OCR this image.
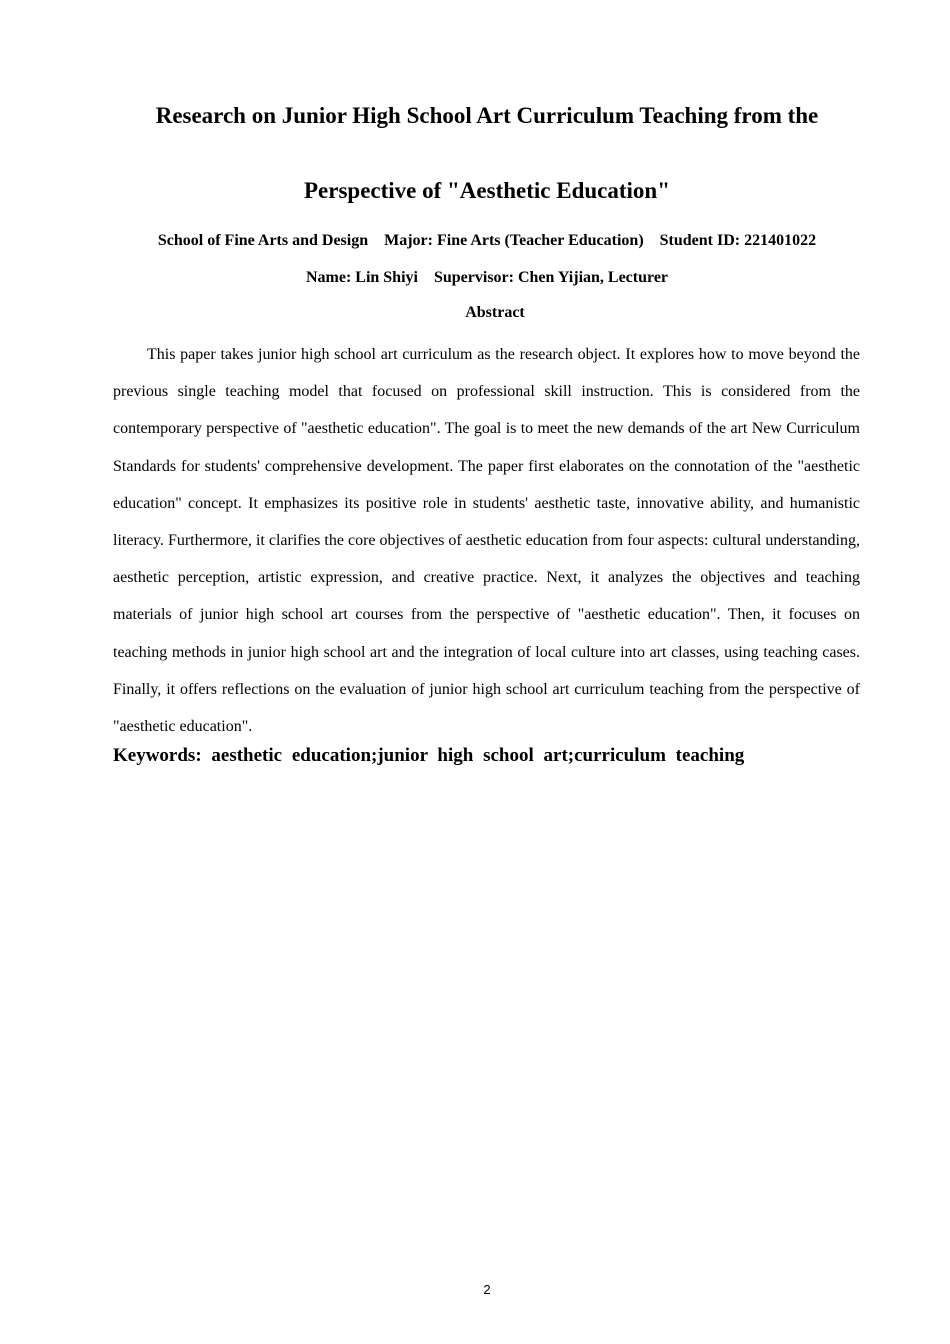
Research on Junior High School Art Curriculum Teaching from the
Perspective of "Aesthetic Education"
School of Fine Arts and Design Major: Fine Arts (Teacher Education) Student ID: 221401022
Name: Lin Shiyi Supervisor: Chen Yijian, Lecturer
Abstract

This paper takes junior high school art curriculum as the research object. It explores how to move beyond the previous single teaching model that focused on professional skill instruction. This is considered from the contemporary perspective of "aesthetic education". The goal is to meet the new demands of the art New Curriculum Standards for students' comprehensive development. The paper first elaborates on the connotation of the "aesthetic education" concept. It emphasizes its positive role in students' aesthetic taste, innovative ability, and humanistic literacy. Furthermore, it clarifies the core objectives of aesthetic education from four aspects: cultural understanding, aesthetic perception, artistic expression, and creative practice. Next, it analyzes the objectives and teaching materials of junior high school art courses from the perspective of "aesthetic education". Then, it focuses on teaching methods in junior high school art and the integration of local culture into art classes, using teaching cases. Finally, it offers reflections on the evaluation of junior high school art curriculum teaching from the perspective of "aesthetic education".

Keywords: aesthetic education;junior high school art;curriculum teaching
2
